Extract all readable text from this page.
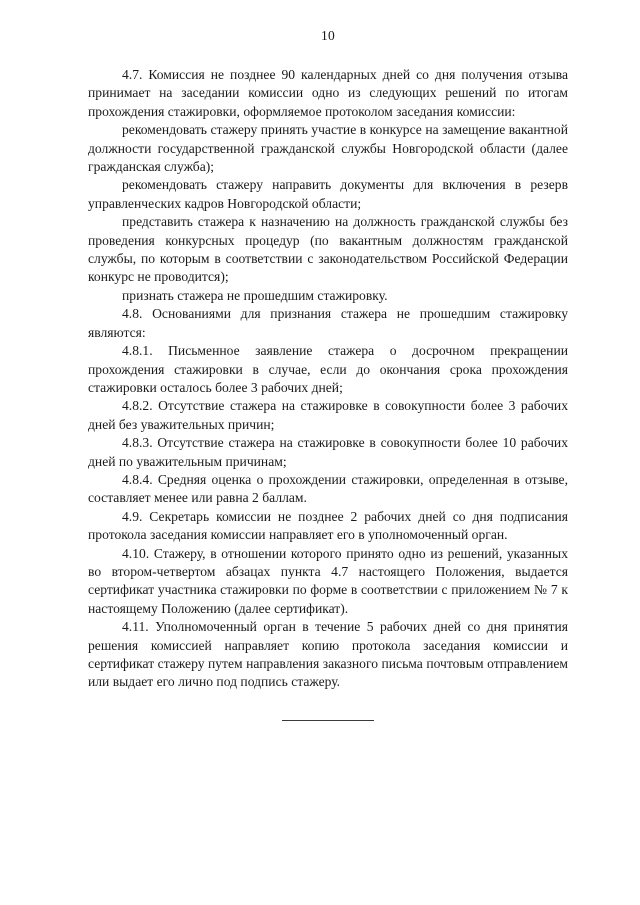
10

4.7. Комиссия не позднее 90 календарных дней со дня получения отзыва принимает на заседании комиссии одно из следующих решений по итогам прохождения стажировки, оформляемое протоколом заседания комиссии:

рекомендовать стажеру принять участие в конкурсе на замещение вакантной должности государственной гражданской службы Новгородской области (далее гражданская служба);

рекомендовать стажеру направить документы для включения в резерв управленческих кадров Новгородской области;

представить стажера к назначению на должность гражданской службы без проведения конкурсных процедур (по вакантным должностям гражданской службы, по которым в соответствии с законодательством Российской Федерации конкурс не проводится);

признать стажера не прошедшим стажировку.

4.8. Основаниями для признания стажера не прошедшим стажировку являются:

4.8.1. Письменное заявление стажера о досрочном прекращении прохождения стажировки в случае, если до окончания срока прохождения стажировки осталось более 3 рабочих дней;

4.8.2. Отсутствие стажера на стажировке в совокупности более 3 рабочих дней без уважительных причин;

4.8.3. Отсутствие стажера на стажировке в совокупности более 10 рабочих дней по уважительным причинам;

4.8.4. Средняя оценка о прохождении стажировки, определенная в отзыве, составляет менее или равна 2 баллам.

4.9. Секретарь комиссии не позднее 2 рабочих дней со дня подписания протокола заседания комиссии направляет его в уполномоченный орган.

4.10. Стажеру, в отношении которого принято одно из решений, указанных во втором-четвертом абзацах пункта 4.7 настоящего Положения, выдается сертификат участника стажировки по форме в соответствии с приложением № 7 к настоящему Положению (далее сертификат).

4.11. Уполномоченный орган в течение 5 рабочих дней со дня принятия решения комиссией направляет копию протокола заседания комиссии и сертификат стажеру путем направления заказного письма почтовым отправлением или выдает его лично под подпись стажеру.
